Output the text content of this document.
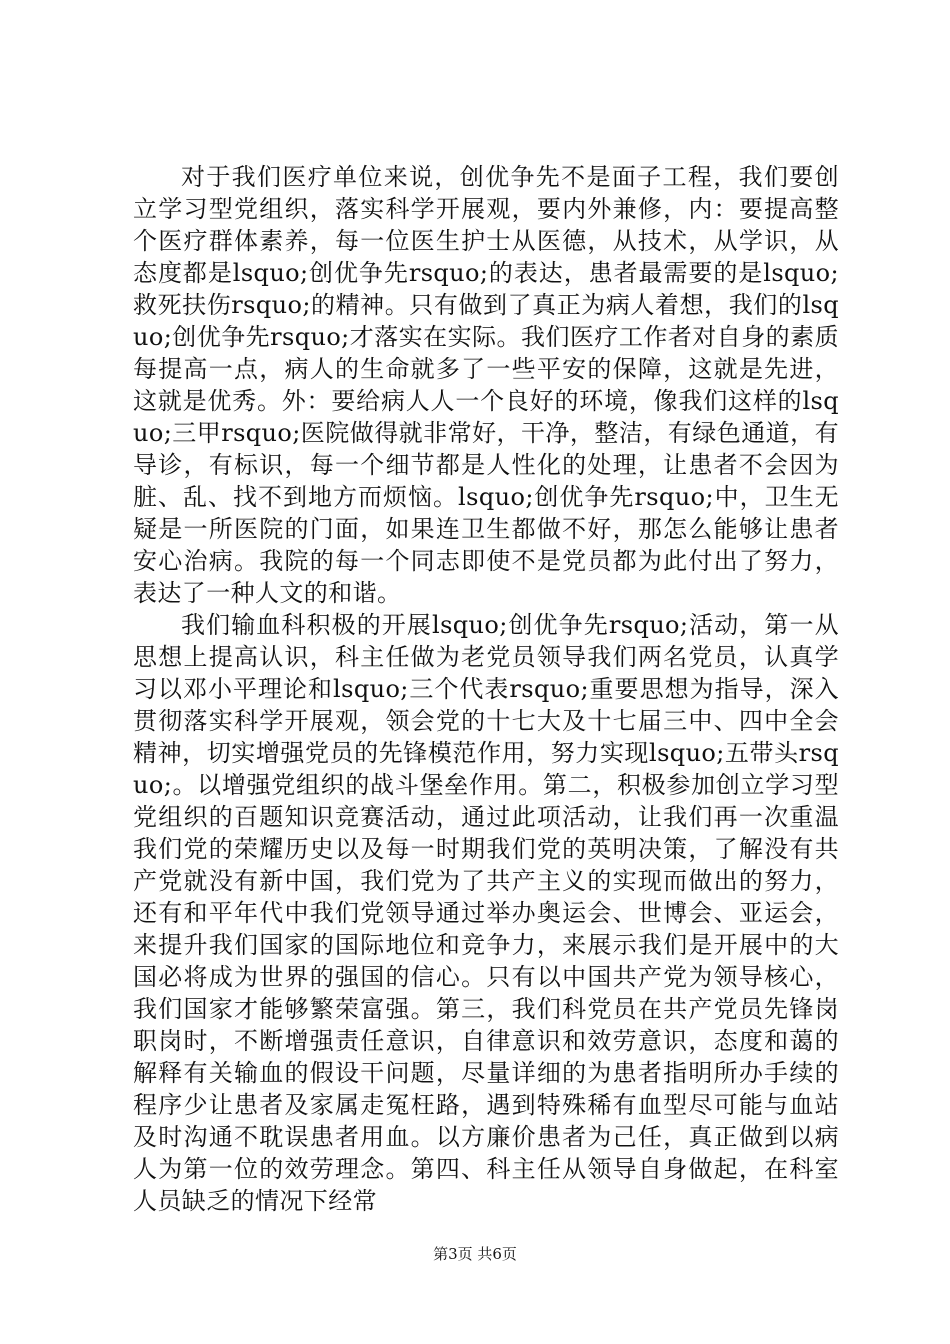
对于我们医疗单位来说，创优争先不是面子工程，我们要创立学习型党组织，落实科学开展观，要内外兼修，内：要提高整个医疗群体素养，每一位医生护士从医德，从技术，从学识，从态度都是lsquo;创优争先rsquo;的表达，患者最需要的是lsquo;救死扶伤rsquo;的精神。只有做到了真正为病人着想，我们的lsquo;创优争先rsquo;才落实在实际。我们医疗工作者对自身的素质每提高一点，病人的生命就多了一些平安的保障，这就是先进，这就是优秀。外：要给病人人一个良好的环境，像我们这样的lsquo;三甲rsquo;医院做得就非常好，干净，整洁，有绿色通道，有导诊，有标识，每一个细节都是人性化的处理，让患者不会因为脏、乱、找不到地方而烦恼。lsquo;创优争先rsquo;中，卫生无疑是一所医院的门面，如果连卫生都做不好，那怎么能够让患者安心治病。我院的每一个同志即使不是党员都为此付出了努力，表达了一种人文的和谐。

我们输血科积极的开展lsquo;创优争先rsquo;活动，第一从思想上提高认识，科主任做为老党员领导我们两名党员，认真学习以邓小平理论和lsquo;三个代表rsquo;重要思想为指导，深入贯彻落实科学开展观，领会党的十七大及十七届三中、四中全会精神，切实增强党员的先锋模范作用，努力实现lsquo;五带头rsquo;。以增强党组织的战斗堡垒作用。第二，积极参加创立学习型党组织的百题知识竞赛活动，通过此项活动，让我们再一次重温我们党的荣耀历史以及每一时期我们党的英明决策，了解没有共产党就没有新中国，我们党为了共产主义的实现而做出的努力，还有和平年代中我们党领导通过举办奥运会、世博会、亚运会，来提升我们国家的国际地位和竞争力，来展示我们是开展中的大国必将成为世界的强国的信心。只有以中国共产党为领导核心，我们国家才能够繁荣富强。第三，我们科党员在共产党员先锋岗职岗时，不断增强责任意识，自律意识和效劳意识，态度和蔼的解释有关输血的假设干问题，尽量详细的为患者指明所办手续的程序少让患者及家属走冤枉路，遇到特殊稀有血型尽可能与血站及时沟通不耽误患者用血。以方廉价患者为己任，真正做到以病人为第一位的效劳理念。第四、科主任从领导自身做起，在科室人员缺乏的情况下经常

第3页 共6页
